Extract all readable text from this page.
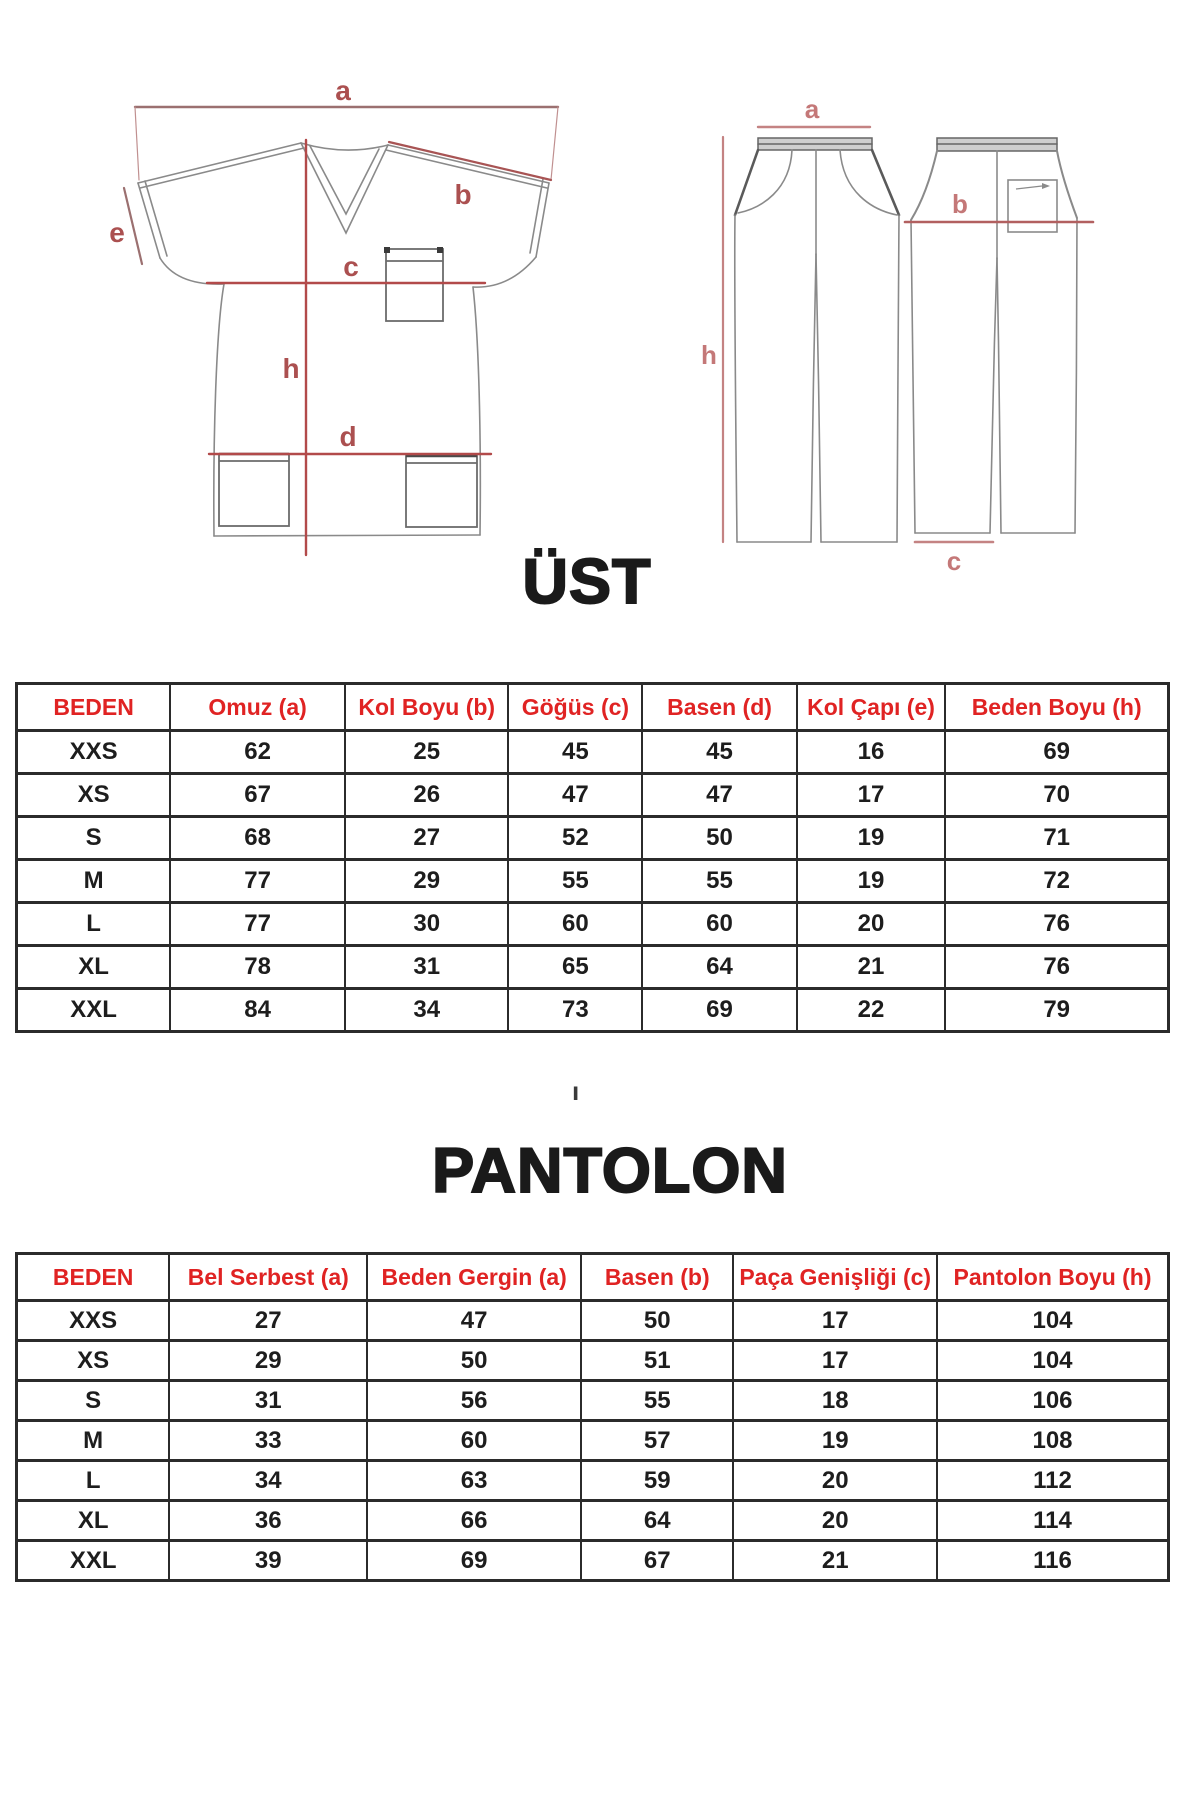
a
b
c
d
e
h
a
h
b
c
ÜST
BEDEN	Omuz (a)	Kol Boyu (b)	Göğüs (c)	Basen (d)	Kol Çapı (e)	Beden Boyu (h)
XXS	62	25	45	45	16	69
XS	67	26	47	47	17	70
S	68	27	52	50	19	71
M	77	29	55	55	19	72
L	77	30	60	60	20	76
XL	78	31	65	64	21	76
XXL	84	34	73	69	22	79
ı
PANTOLON
BEDEN	Bel Serbest (a)	Beden Gergin (a)	Basen (b)	Paça Genişliği (c)	Pantolon Boyu (h)
XXS	27	47	50	17	104
XS	29	50	51	17	104
S	31	56	55	18	106
M	33	60	57	19	108
L	34	63	59	20	112
XL	36	66	64	20	114
XXL	39	69	67	21	116
